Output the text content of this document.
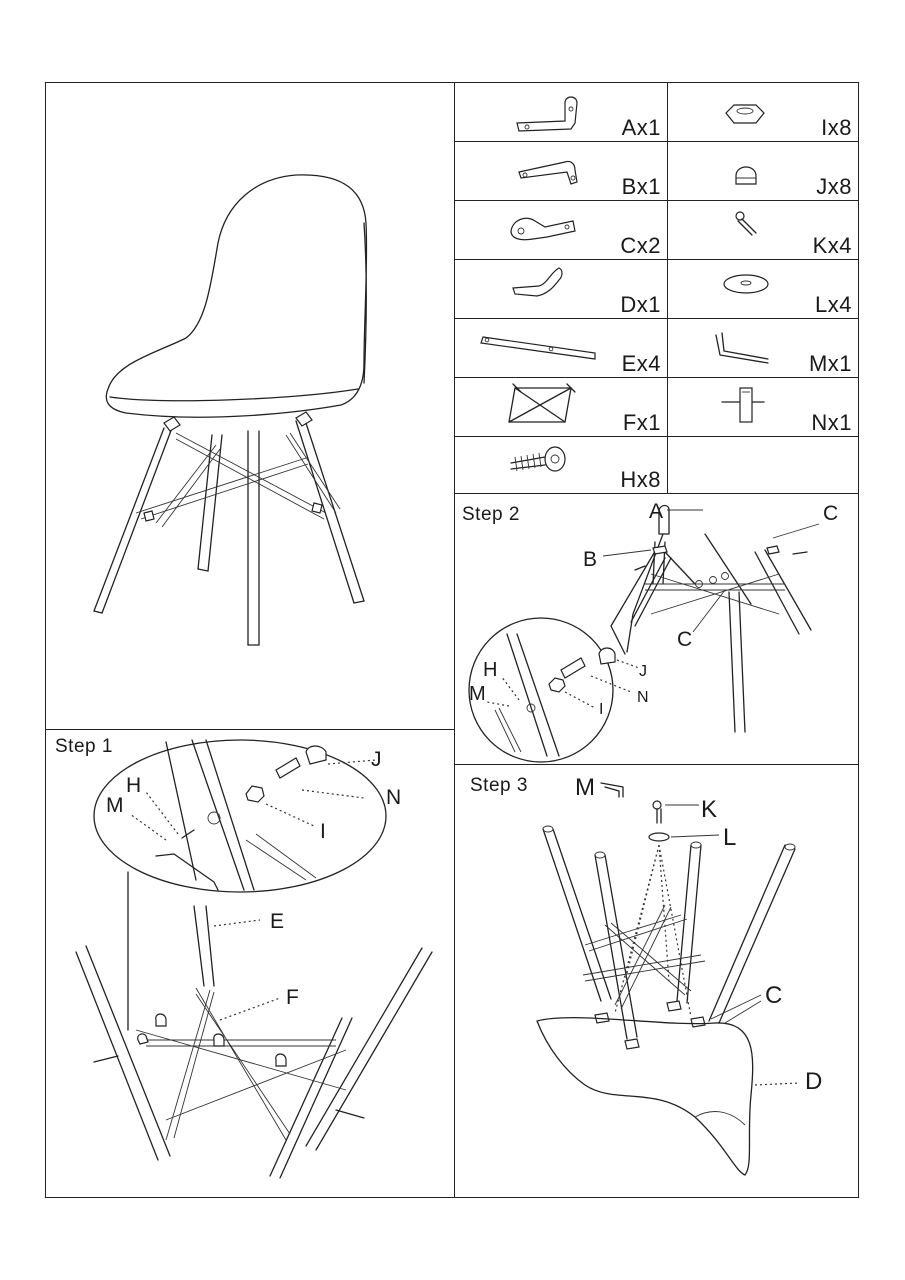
Ax1
Bx1
Cx2
Dx1
Ex4
Fx1
Hx8
Ix8
Jx8
Kx4
Lx4
Mx1
Nx1
Step 1
J
N
I
H
M
E
F
Step 2	A
B
C
C
J
N
I
H
M
Step 3 M
K
L
C
D
